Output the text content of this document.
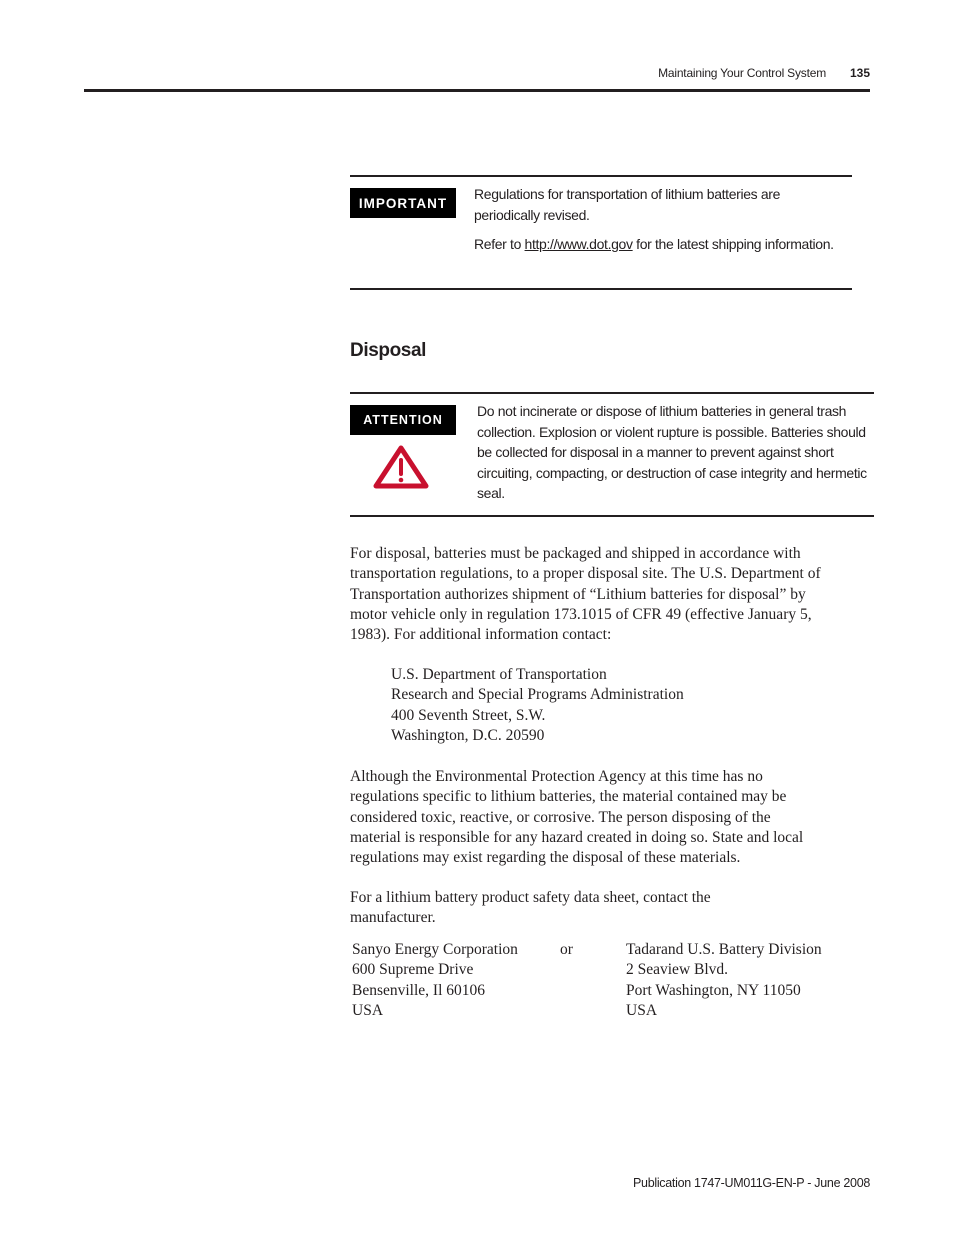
Maintaining Your Control System	135
IMPORTANT

Regulations for transportation of lithium batteries are periodically revised.

Refer to http://www.dot.gov for the latest shipping information.

Disposal
ATTENTION
Do not incinerate or dispose of lithium batteries in general trash collection. Explosion or violent rupture is possible. Batteries should be collected for disposal in a manner to prevent against short circuiting, compacting, or destruction of case integrity and hermetic seal.
For disposal, batteries must be packaged and shipped in accordance with transportation regulations, to a proper disposal site. The U.S. Department of Transportation authorizes shipment of “Lithium batteries for disposal” by motor vehicle only in regulation 173.1015 of CFR 49 (effective January 5, 1983). For additional information contact:
U.S. Department of Transportation
Research and Special Programs Administration
400 Seventh Street, S.W.
Washington, D.C. 20590
Although the Environmental Protection Agency at this time has no regulations specific to lithium batteries, the material contained may be considered toxic, reactive, or corrosive. The person disposing of the material is responsible for any hazard created in doing so. State and local regulations may exist regarding the disposal of these materials.
For a lithium battery product safety data sheet, contact the manufacturer.
Sanyo Energy Corporation
600 Supreme Drive
Bensenville, Il 60106
USA
or	Tadarand U.S. Battery Division
2 Seaview Blvd.
Port Washington, NY 11050
USA
Publication 1747-UM011G-EN-P - June 2008
